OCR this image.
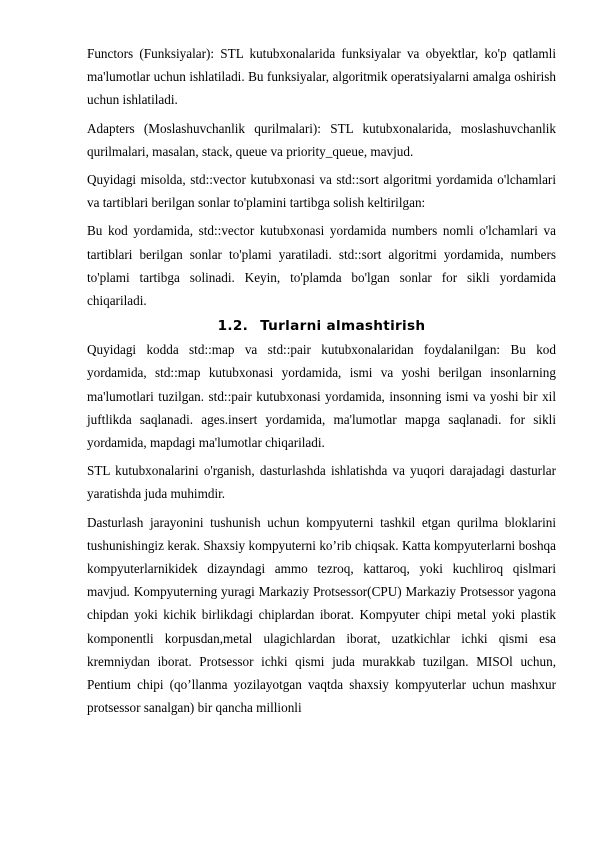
Functors (Funksiyalar): STL kutubxonalarida funksiyalar va obyektlar, ko'p qatlamli ma'lumotlar uchun ishlatiladi. Bu funksiyalar, algoritmik operatsiyalarni amalga oshirish uchun ishlatiladi.

Adapters (Moslashuvchanlik qurilmalari): STL kutubxonalarida, moslashuvchanlik qurilmalari, masalan, stack, queue va priority_queue, mavjud.

Quyidagi misolda, std::vector kutubxonasi va std::sort algoritmi yordamida o'lchamlari va tartiblari berilgan sonlar to'plamini tartibga solish keltirilgan:

Bu kod yordamida, std::vector kutubxonasi yordamida numbers nomli o'lchamlari va tartiblari berilgan sonlar to'plami yaratiladi. std::sort algoritmi yordamida, numbers to'plami tartibga solinadi. Keyin, to'plamda bo'lgan sonlar for sikli yordamida chiqariladi.

1.2. Turlarni almashtirish

Quyidagi kodda std::map va std::pair kutubxonalaridan foydalanilgan: Bu kod yordamida, std::map kutubxonasi yordamida, ismi va yoshi berilgan insonlarning ma'lumotlari tuzilgan. std::pair kutubxonasi yordamida, insonning ismi va yoshi bir xil juftlikda saqlanadi. ages.insert yordamida, ma'lumotlar mapga saqlanadi. for sikli yordamida, mapdagi ma'lumotlar chiqariladi.

STL kutubxonalarini o'rganish, dasturlashda ishlatishda va yuqori darajadagi dasturlar yaratishda juda muhimdir.

Dasturlash jarayonini tushunish uchun kompyuterni tashkil etgan qurilma bloklarini tushunishingiz kerak. Shaxsiy kompyuterni ko’rib chiqsak. Katta kompyuterlarni boshqa kompyuterlarnikidek dizayndagi ammo tezroq, kattaroq, yoki kuchliroq qislmari mavjud. Kompyuterning yuragi Markaziy Protsessor(CPU) Markaziy Protsessor yagona chipdan yoki kichik birlikdagi chiplardan iborat. Kompyuter chipi metal yoki plastik komponentli korpusdan,metal ulagichlardan iborat, uzatkichlar ichki qismi esa kremniydan iborat. Protsessor ichki qismi juda murakkab tuzilgan. MISOl uchun, Pentium chipi (qo’llanma yozilayotgan vaqtda shaxsiy kompyuterlar uchun mashxur protsessor sanalgan) bir qancha millionli
